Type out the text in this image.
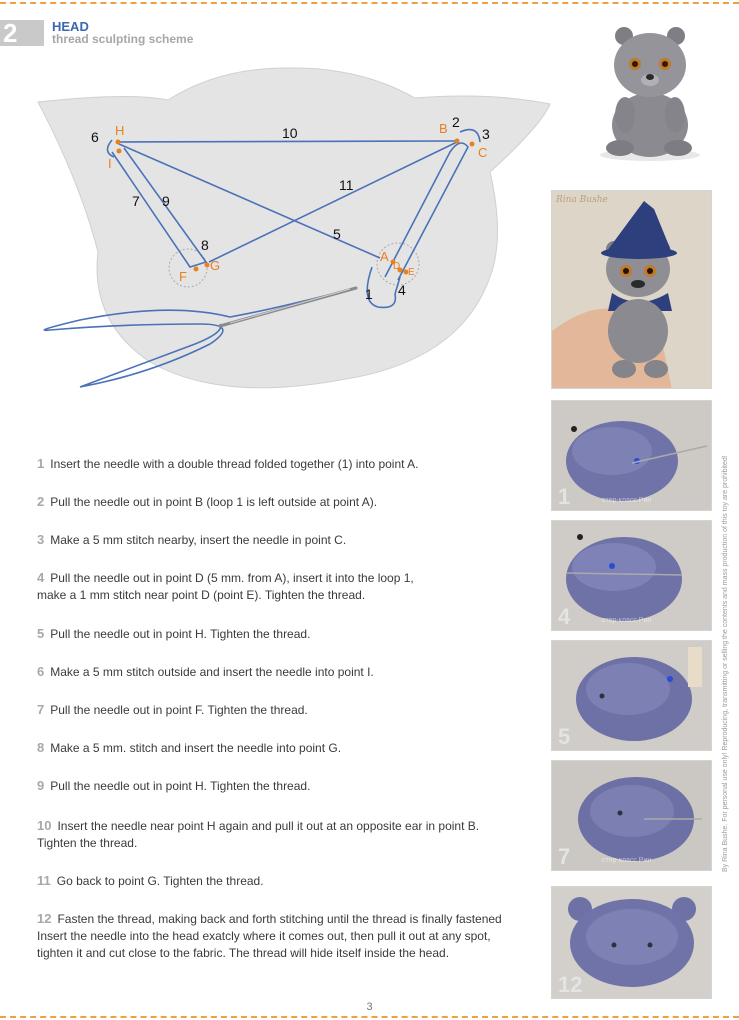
2	HEAD
thread sculpting scheme
H
I
B
C
A
D
E
F
G
1
2
3
4
5
6
7
8
9
10
11
1 Insert the needle with a double thread folded together (1) into point A.
2 Pull the needle out in point B (loop 1 is left outside at point A).
3 Make a 5 mm stitch nearby, insert the needle in point C.
4 Pull the needle out in point D (5 mm. from A), insert it into the loop 1,
make a 1 mm stitch near point D (point E). Tighten the thread.
5 Pull the needle out in point H. Tighten the thread.
6 Make a 5 mm stitch outside and insert the needle into point I.
7 Pull the needle out in point F. Tighten the thread.
8 Make a 5 mm. stitch and insert the needle into point G.
9 Pull the needle out in point H. Tighten the thread.
10 Insert the needle near point H again and pull it out at an opposite ear in point B.
Tighten the thread.
11 Go back to point G. Tighten the thread.
12 Fasten the thread, making back and forth stitching until the thread is finally fastened
Insert the needle into the head exatcly where it comes out, then pull it out at any spot,
tighten it and cut close to the fabric. The thread will hide itself inside the head.
Rina Bushe
1	стер-класс Рин
4	стер-класс Рин
5
7	стер-класс Рин
12
By Rina Bushe. For personal use only! Reproducing, transmitting or selling the contents and mass production of this toy are prohibited!
3
